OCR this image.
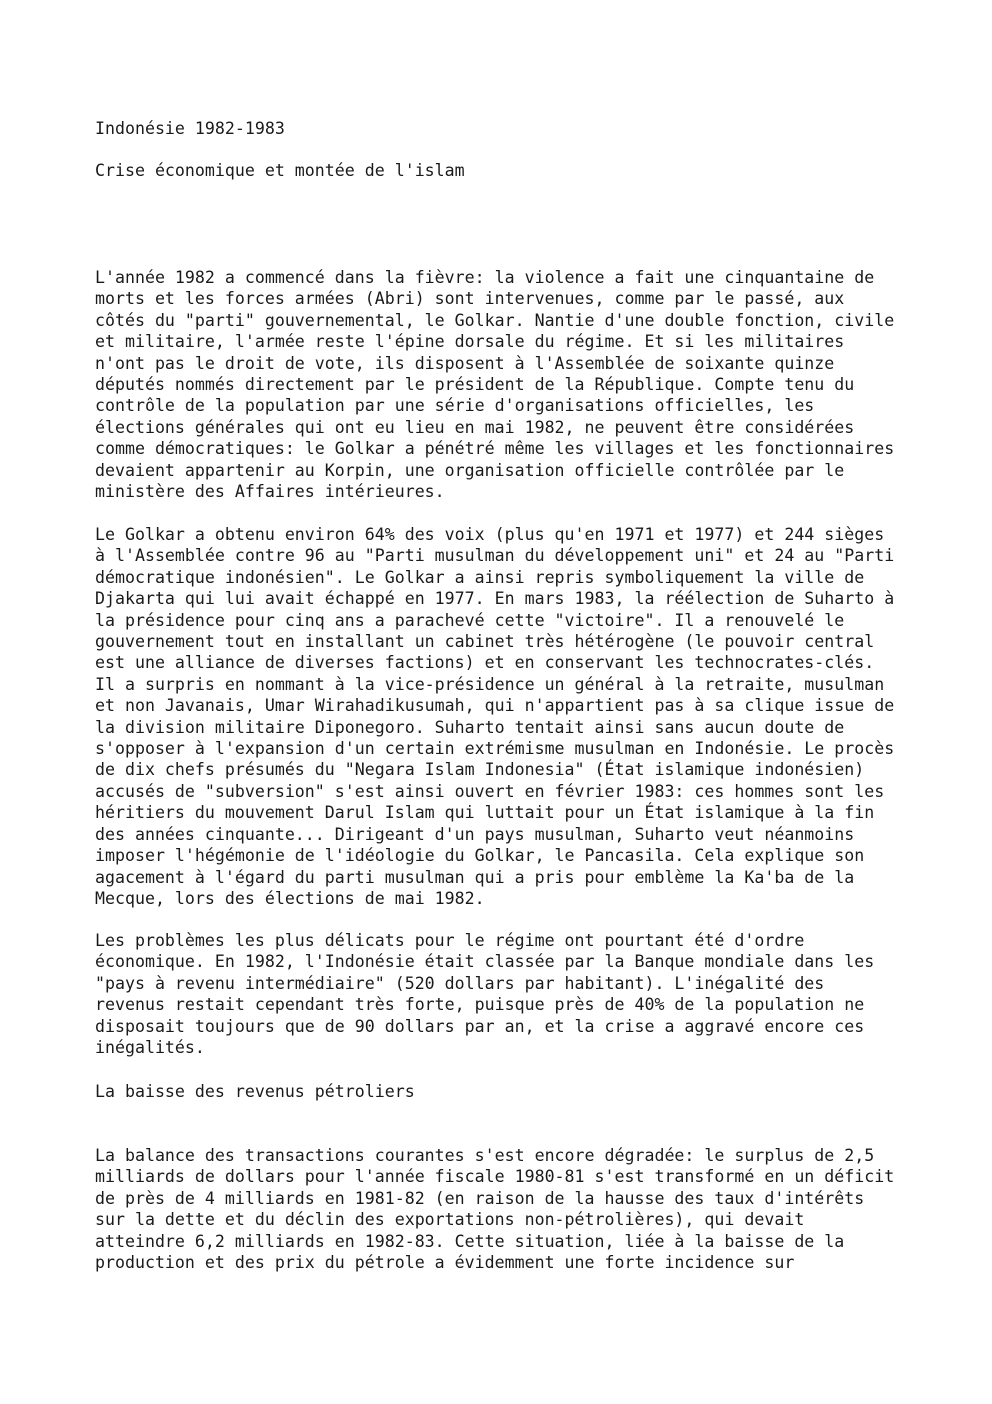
Indonésie 1982-1983

Crise économique et montée de l'islam

L'année 1982 a commencé dans la fièvre: la violence a fait une cinquantaine de
morts et les forces armées (Abri) sont intervenues, comme par le passé, aux
côtés du "parti" gouvernemental, le Golkar. Nantie d'une double fonction, civile
et militaire, l'armée reste l'épine dorsale du régime. Et si les militaires
n'ont pas le droit de vote, ils disposent à l'Assemblée de soixante quinze
députés nommés directement par le président de la République. Compte tenu du
contrôle de la population par une série d'organisations officielles, les
élections générales qui ont eu lieu en mai 1982, ne peuvent être considérées
comme démocratiques: le Golkar a pénétré même les villages et les fonctionnaires
devaient appartenir au Korpin, une organisation officielle contrôlée par le
ministère des Affaires intérieures.

Le Golkar a obtenu environ 64% des voix (plus qu'en 1971 et 1977) et 244 sièges
à l'Assemblée contre 96 au "Parti musulman du développement uni" et 24 au "Parti
démocratique indonésien". Le Golkar a ainsi repris symboliquement la ville de
Djakarta qui lui avait échappé en 1977. En mars 1983, la réélection de Suharto à
la présidence pour cinq ans a parachevé cette "victoire". Il a renouvelé le
gouvernement tout en installant un cabinet très hétérogène (le pouvoir central
est une alliance de diverses factions) et en conservant les technocrates-clés.
Il a surpris en nommant à la vice-présidence un général à la retraite, musulman
et non Javanais, Umar Wirahadikusumah, qui n'appartient pas à sa clique issue de
la division militaire Diponegoro. Suharto tentait ainsi sans aucun doute de
s'opposer à l'expansion d'un certain extrémisme musulman en Indonésie. Le procès
de dix chefs présumés du "Negara Islam Indonesia" (État islamique indonésien)
accusés de "subversion" s'est ainsi ouvert en février 1983: ces hommes sont les
héritiers du mouvement Darul Islam qui luttait pour un État islamique à la fin
des années cinquante... Dirigeant d'un pays musulman, Suharto veut néanmoins
imposer l'hégémonie de l'idéologie du Golkar, le Pancasila. Cela explique son
agacement à l'égard du parti musulman qui a pris pour emblème la Ka'ba de la
Mecque, lors des élections de mai 1982.

Les problèmes les plus délicats pour le régime ont pourtant été d'ordre
économique. En 1982, l'Indonésie était classée par la Banque mondiale dans les
"pays à revenu intermédiaire" (520 dollars par habitant). L'inégalité des
revenus restait cependant très forte, puisque près de 40% de la population ne
disposait toujours que de 90 dollars par an, et la crise a aggravé encore ces
inégalités.

La baisse des revenus pétroliers

La balance des transactions courantes s'est encore dégradée: le surplus de 2,5
milliards de dollars pour l'année fiscale 1980-81 s'est transformé en un déficit
de près de 4 milliards en 1981-82 (en raison de la hausse des taux d'intérêts
sur la dette et du déclin des exportations non-pétrolières), qui devait
atteindre 6,2 milliards en 1982-83. Cette situation, liée à la baisse de la
production et des prix du pétrole a évidemment une forte incidence sur
